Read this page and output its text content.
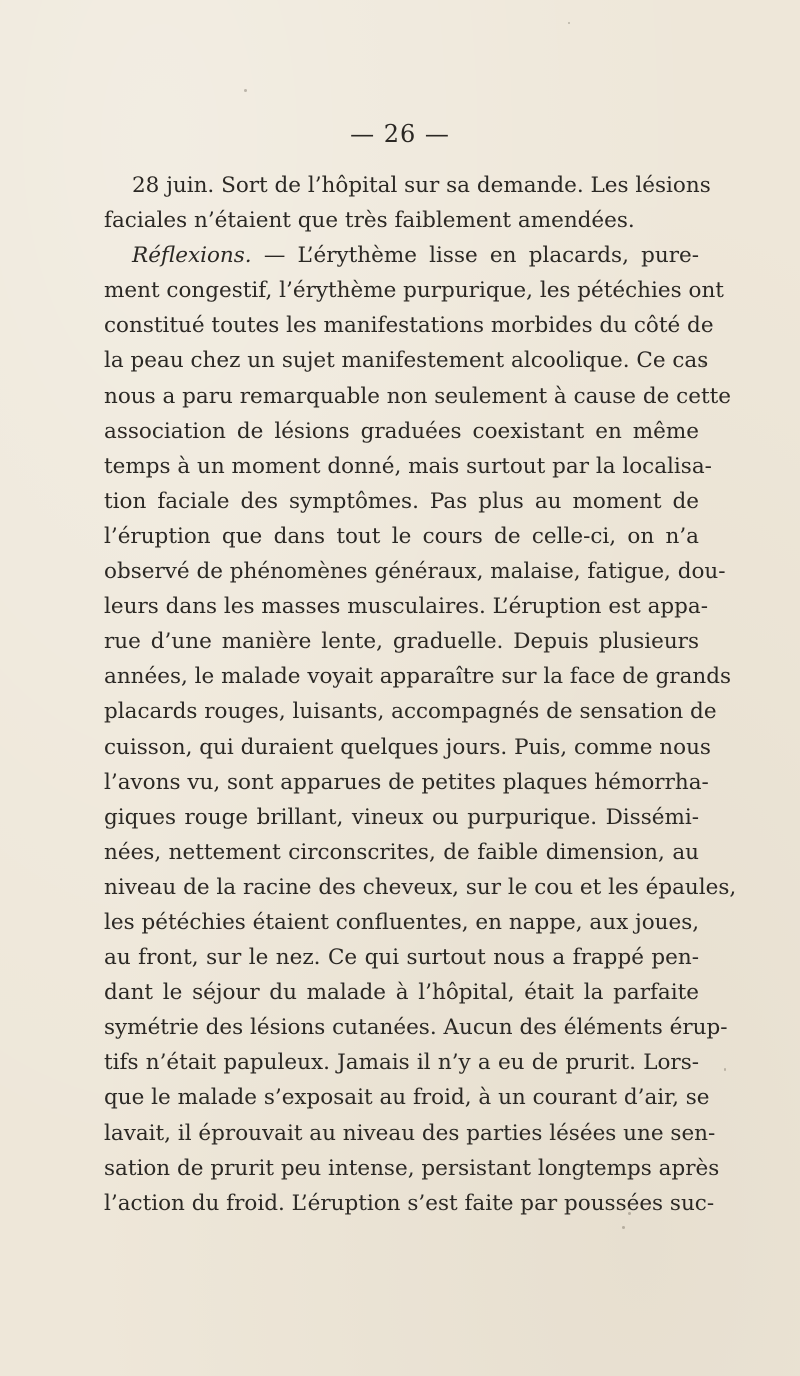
— 26 —
28 juin. Sort de l’hôpital sur sa demande. Les lésions
faciales n’étaient que très faiblement amendées.
Réflexions. — L’érythème lisse en placards, pure-
ment congestif, l’érythème purpurique, les pétéchies ont
constitué toutes les manifestations morbides du côté de
la peau chez un sujet manifestement alcoolique. Ce cas
nous a paru remarquable non seulement à cause de cette
association de lésions graduées coexistant en même
temps à un moment donné, mais surtout par la localisa-
tion faciale des symptômes. Pas plus au moment de
l’éruption que dans tout le cours de celle-ci, on n’a
observé de phénomènes généraux, malaise, fatigue, dou-
leurs dans les masses musculaires. L’éruption est appa-
rue d’une manière lente, graduelle. Depuis plusieurs
années, le malade voyait apparaître sur la face de grands
placards rouges, luisants, accompagnés de sensation de
cuisson, qui duraient quelques jours. Puis, comme nous
l’avons vu, sont apparues de petites plaques hémorrha-
giques rouge brillant, vineux ou purpurique. Dissémi-
nées, nettement circonscrites, de faible dimension, au
niveau de la racine des cheveux, sur le cou et les épaules,
les pétéchies étaient confluentes, en nappe, aux joues,
au front, sur le nez. Ce qui surtout nous a frappé pen-
dant le séjour du malade à l’hôpital, était la parfaite
symétrie des lésions cutanées. Aucun des éléments érup-
tifs n’était papuleux. Jamais il n’y a eu de prurit. Lors-
que le malade s’exposait au froid, à un courant d’air, se
lavait, il éprouvait au niveau des parties lésées une sen-
sation de prurit peu intense, persistant longtemps après
l’action du froid. L’éruption s’est faite par poussées suc-
